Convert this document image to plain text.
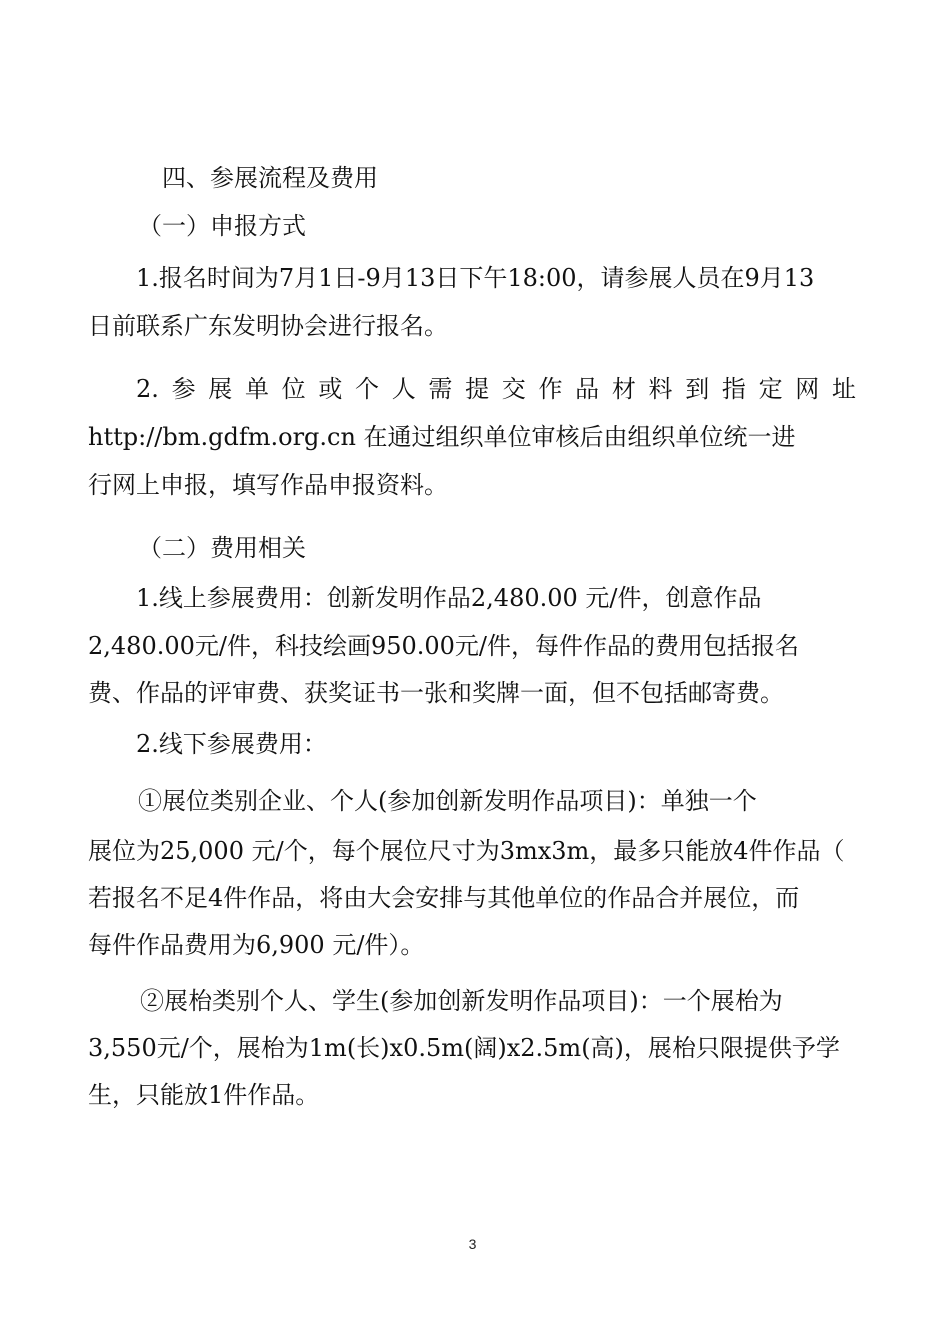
四、参展流程及费用
（一）申报方式
1.报名时间为7月1日-9月13日下午18:00，请参展人员在9月13
日前联系广东发明协会进行报名。
2. 参 展 单 位 或 个 人 需 提 交 作 品 材 料 到 指 定 网 址
http://bm.gdfm.org.cn 在通过组织单位审核后由组织单位统一进
行网上申报，填写作品申报资料。
（二）费用相关
1.线上参展费用：创新发明作品2,480.00 元/件，创意作品
2,480.00元/件，科技绘画950.00元/件，每件作品的费用包括报名
费、作品的评审费、获奖证书一张和奖牌一面，但不包括邮寄费。
2.线下参展费用：
①展位类别企业、个人(参加创新发明作品项目)：单独一个
展位为25,000 元/个，每个展位尺寸为3mx3m，最多只能放4件作品（
若报名不足4件作品，将由大会安排与其他单位的作品合并展位，而
每件作品费用为6,900 元/件）。
②展枱类别个人、学生(参加创新发明作品项目)：一个展枱为
3,550元/个，展枱为1m(长)x0.5m(阔)x2.5m(高)，展枱只限提供予学
生，只能放1件作品。
3
